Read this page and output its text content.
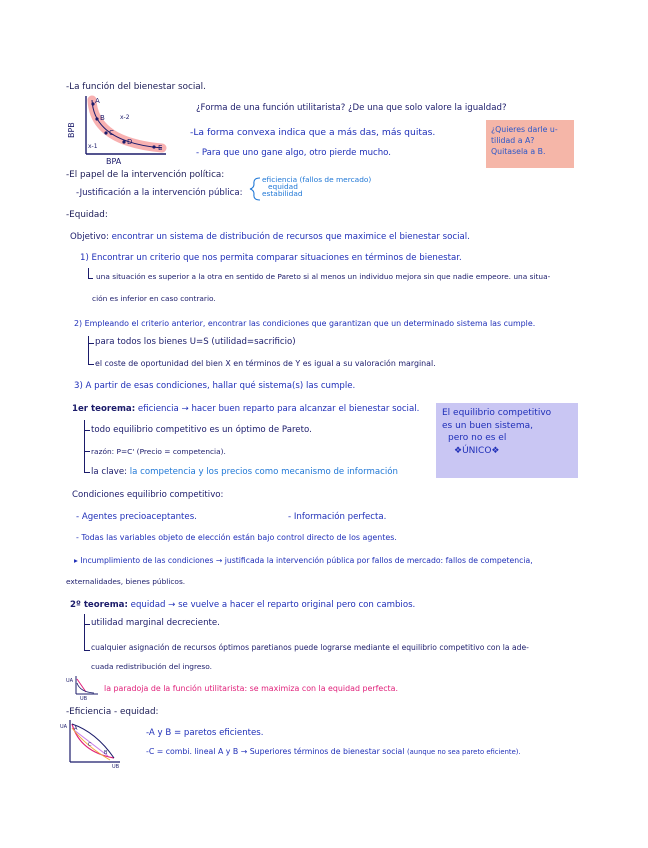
-La función del bienestar social.
A
B
C
D
E
x-1
x-2
BPB
BPA
¿Forma de una función utilitarista? ¿De una que solo valore la igualdad?
-La forma convexa indica que a más das, más quitas.
- Para que uno gane algo, otro pierde mucho.
¿Quieres darle u-tilidad a A? Quitasela a B.
-El papel de la intervención política:
-Justificación a la intervención pública:
eficiencia (fallos de mercado)
equidad
estabilidad
-Equidad:
Objetivo: encontrar un sistema de distribución de recursos que maximice el bienestar social.
1) Encontrar un criterio que nos permita comparar situaciones en términos de bienestar.
una situación es superior a la otra en sentido de Pareto si al menos un individuo mejora sin que nadie empeore. una situa-
ción es inferior en caso contrario.
2) Empleando el criterio anterior, encontrar las condiciones que garantizan que un determinado sistema las cumple.
para todos los bienes U=S (utilidad=sacrificio)
el coste de oportunidad del bien X en términos de Y es igual a su valoración marginal.
3) A partir de esas condiciones, hallar qué sistema(s) las cumple.
1er teorema: eficiencia → hacer buen reparto para alcanzar el bienestar social.
todo equilibrio competitivo es un óptimo de Pareto.
razón: P=C' (Precio = competencia).
la clave: la competencia y los precios como mecanismo de información
El equilibrio competitivo
es un buen sistema,
pero no es el
❖ÚNICO❖
Condiciones equilibrio competitivo:
- Agentes precioaceptantes.	- Información perfecta.
- Todas las variables objeto de elección están bajo control directo de los agentes.
▸ Incumplimiento de las condiciones → justificada la intervención pública por fallos de mercado: fallos de competencia,
externalidades, bienes públicos.
2º teorema: equidad → se vuelve a hacer el reparto original pero con cambios.
utilidad marginal decreciente.
cualquier asignación de recursos óptimos paretianos puede lograrse mediante el equilibrio competitivo con la ade-
cuada redistribución del ingreso.
UA
UB
la paradoja de la función utilitarista: se maximiza con la equidad perfecta.
-Eficiencia - equidad:
A
B
C
UA
UB
-A y B = paretos eficientes.
-C = combi. lineal A y B → Superiores términos de bienestar social (aunque no sea pareto eficiente).
